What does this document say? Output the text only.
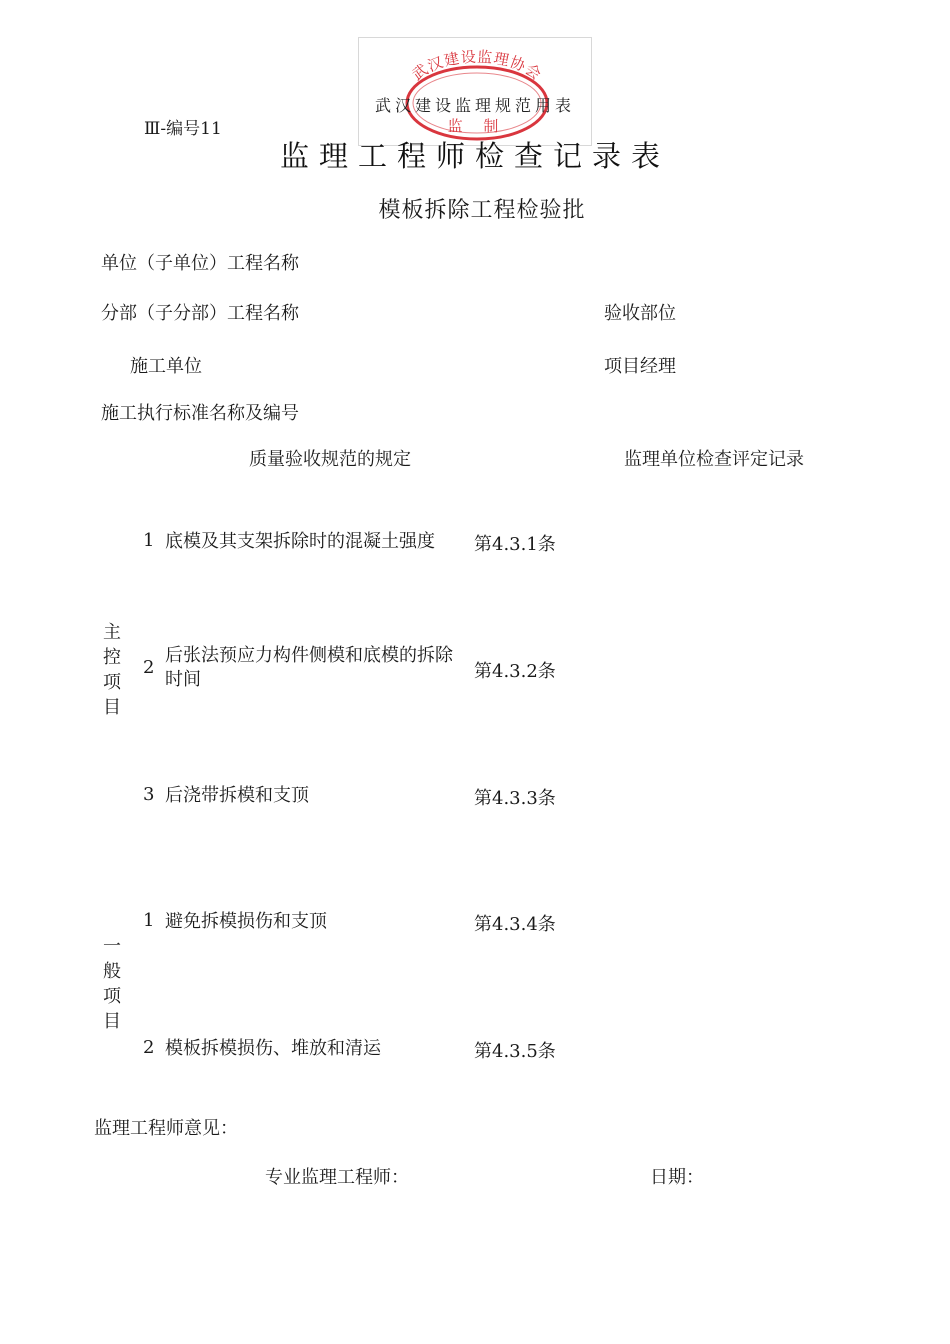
武汉建设监理协会
监 制
武汉建设监理规范用表
Ⅲ-编号11
监理工程师检查记录表
模板拆除工程检验批
单位（子单位）工程名称
分部（子分部）工程名称	验收部位
施工单位	项目经理
施工执行标准名称及编号
质量验收规范的规定	监理单位检查评定记录
主
控
项
目
1 底模及其支架拆除时的混凝土强度	第4.3.1条
2
后张法预应力构件侧模和底模的拆除时间	第4.3.2条
3 后浇带拆模和支顶	第4.3.3条
一
般
项
目
1 避免拆模损伤和支顶	第4.3.4条
2 模板拆模损伤、堆放和清运	第4.3.5条
监理工程师意见：
专业监理工程师：	日期：
